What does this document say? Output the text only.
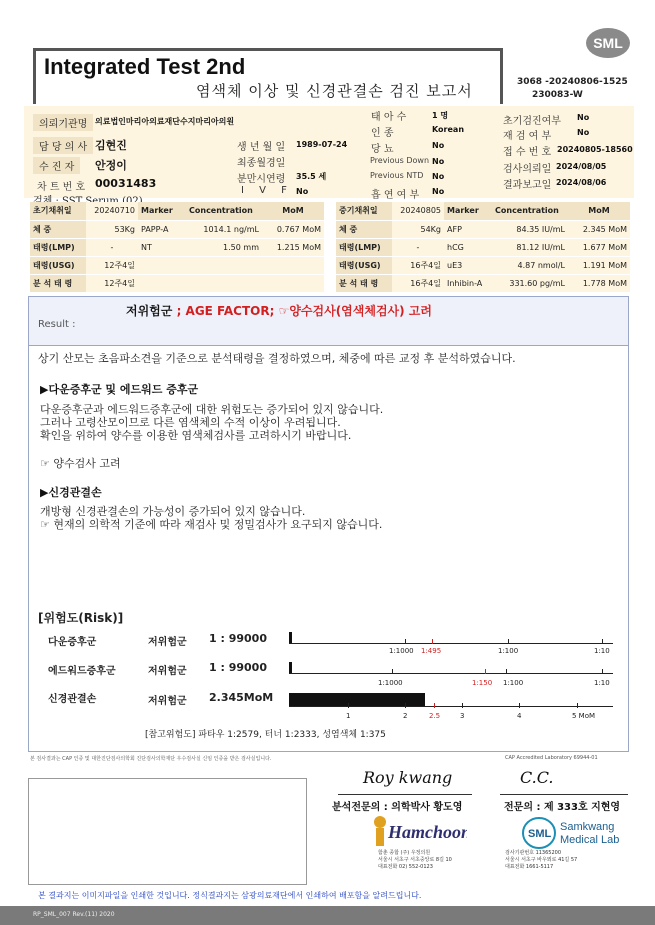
SML
Integrated Test 2nd
염색체 이상 및 신경관결손 검진 보고서	3068 -20240806-1525
230083-W
의뢰기관명 의료법인마리아의료재단수지마리아의원
담 당 의 사 김현진
수 진 자	안정이
차 트 번 호 00031483
생 년 월 일 1989-07-24
최종월경일
분만시연령 35.5 세
I V F No
태 아 수	1 명
인 종	Korean
당 뇨	No
Previous Down No
Previous NTD No
흡 연 여 부 No
초기검진여부 No
재 검 여 부	No
접 수 번 호 20240805-18560
검사의뢰일 2024/08/05
결과보고일 2024/08/06
초기채취일	20240710	Marker	Concentration	MoM
체 중	53Kg	PAPP-A	1014.1 ng/mL	0.767 MoM
태령(LMP)	-	NT	1.50 mm	1.215 MoM
태령(USG)	12주4일			
분 석 태 령	12주4일			
중기채취일	20240805	Marker	Concentration	MoM
체 중	54Kg	AFP	84.35 IU/mL	2.345 MoM
태령(LMP)	-	hCG	81.12 IU/mL	1.677 MoM
태령(USG)	16주4일	uE3	4.87 nmol/L	1.191 MoM
분 석 태 령	16주4일	Inhibin-A	331.60 pg/mL	1.778 MoM
Result :
저위험군 ; AGE FACTOR; ☞양수검사(염색체검사) 고려
상기 산모는 초음파소견을 기준으로 분석태령을 결정하였으며, 체중에 따른 교정 후 분석하였습니다.
▶다운증후군 및 에드워드 증후군
다운증후군과 에드워드증후군에 대한 위험도는 증가되어 있지 않습니다.
그러나 고령산모이므로 다른 염색체의 수적 이상이 우려됩니다.
확인을 위하여 양수를 이용한 염색체검사를 고려하시기 바랍니다.
☞ 양수검사 고려
▶신경관결손
개방형 신경관결손의 가능성이 증가되어 있지 않습니다.
☞ 현재의 의학적 기준에 따라 재검사 및 정밀검사가 요구되지 않습니다.
[위험도(Risk)]
다운증후군	저위험군 1 : 99000
에드워드증후군	저위험군 1 : 99000
신경관결손	저위험군 2.345MoM
1:1000 1:495	1:100	1:10
1:1000	1:150 1:100	1:10
1	2	2.5	3	4	5 MoM
[참고위험도] 파타우 1:2579, 터너 1:2333, 성염색체 1:375
본 검사결과는 CAP 인증 및 대한진단검사의학회 진단검사의학재단 우수검사실 신임 인증을 받은 검사실입니다.	CAP Accredited Laboratory 69944-01
Roy kwang
분석전문의 : 의학박사 황도영
C.C.
전문의 : 제 333호 지현영
Hamchoon
함춘 종합 (주) 우정의원
서울시 서초구 서초중앙로 8길 10
대표전화 02) 552-0123
SML
Samkwang
Medical Lab
검사기관번호 11365200
서울시 서초구 바우뫼로 41길 57
대표전화 1661-5117
본 결과지는 이미지파일을 인쇄한 것입니다. 정식결과지는 삼광의료재단에서 인쇄하여 배포함을 알려드립니다.
RP_SML_007 Rev.(11) 2020
